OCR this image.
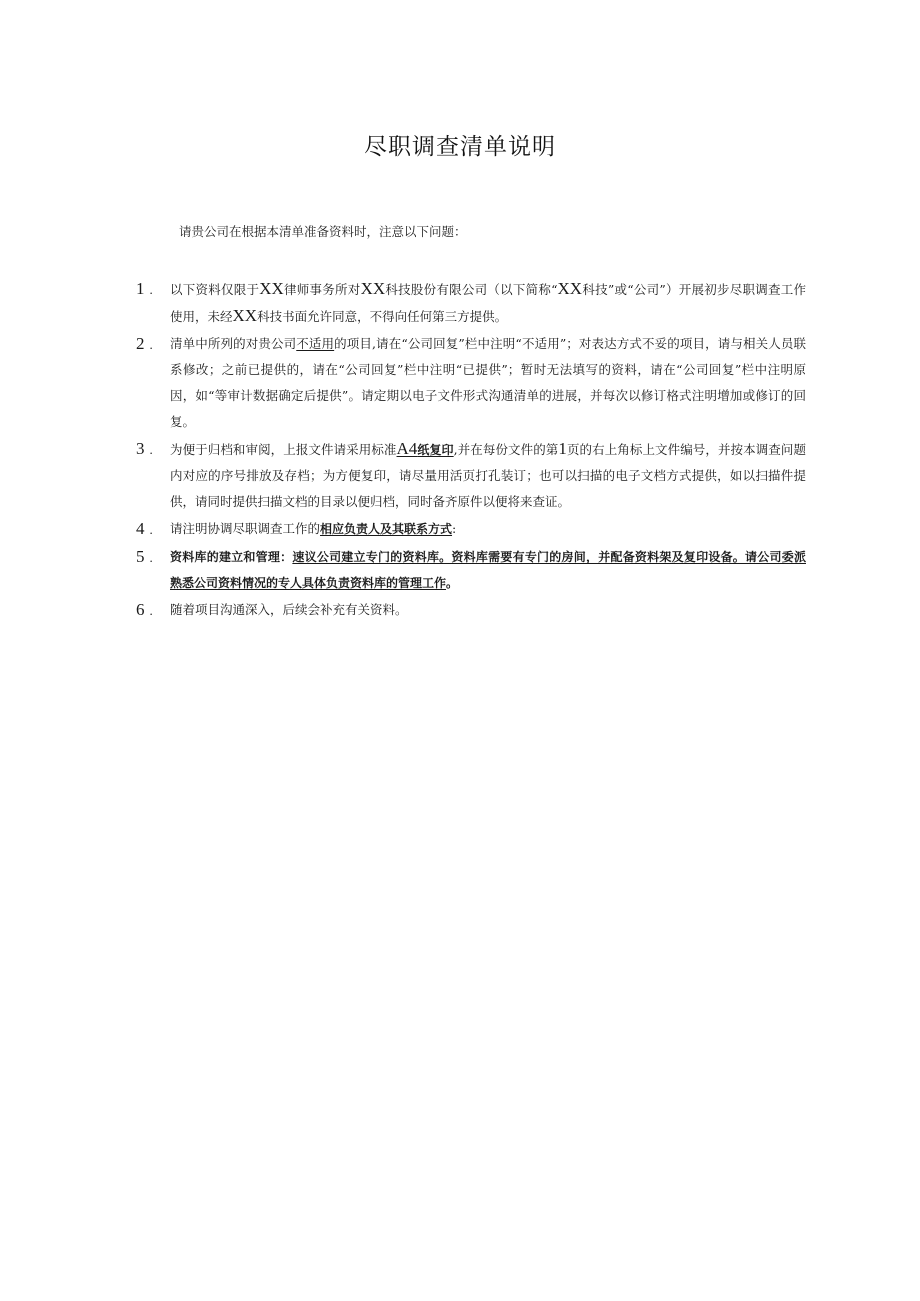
尽职调查清单说明
请贵公司在根据本清单准备资料时，注意以下问题：
1 .	以下资料仅限于XX律师事务所对XX科技股份有限公司（以下简称“XX科技”或“公司”）开展初步尽职调查工作使用，未经XX科技书面允许同意，不得向任何第三方提供。
2 .	清单中所列的对贵公司不适用的项目,请在“公司回复”栏中注明“不适用”；对表达方式不妥的项目，请与相关人员联系修改；之前已提供的，请在“公司回复”栏中注明“已提供”；暂时无法填写的资料，请在“公司回复”栏中注明原因，如“等审计数据确定后提供”。请定期以电子文件形式沟通清单的进展，并每次以修订格式注明增加或修订的回复。
3 .	为便于归档和审阅，上报文件请采用标准A4纸复印,并在每份文件的第1页的右上角标上文件编号，并按本调查问题内对应的序号排放及存档；为方便复印，请尽量用活页打孔装订；也可以扫描的电子文档方式提供，如以扫描件提供，请同时提供扫描文档的目录以便归档，同时备齐原件以便将来查证。
4 .	请注明协调尽职调查工作的相应负责人及其联系方式:
5 .	资料库的建立和管理：速议公司建立专门的资料库。资料库需要有专门的房间，并配备资料架及复印设备。请公司委派熟悉公司资料情况的专人具体负责资料库的管理工作。
6 .	随着项目沟通深入，后续会补充有关资料。
